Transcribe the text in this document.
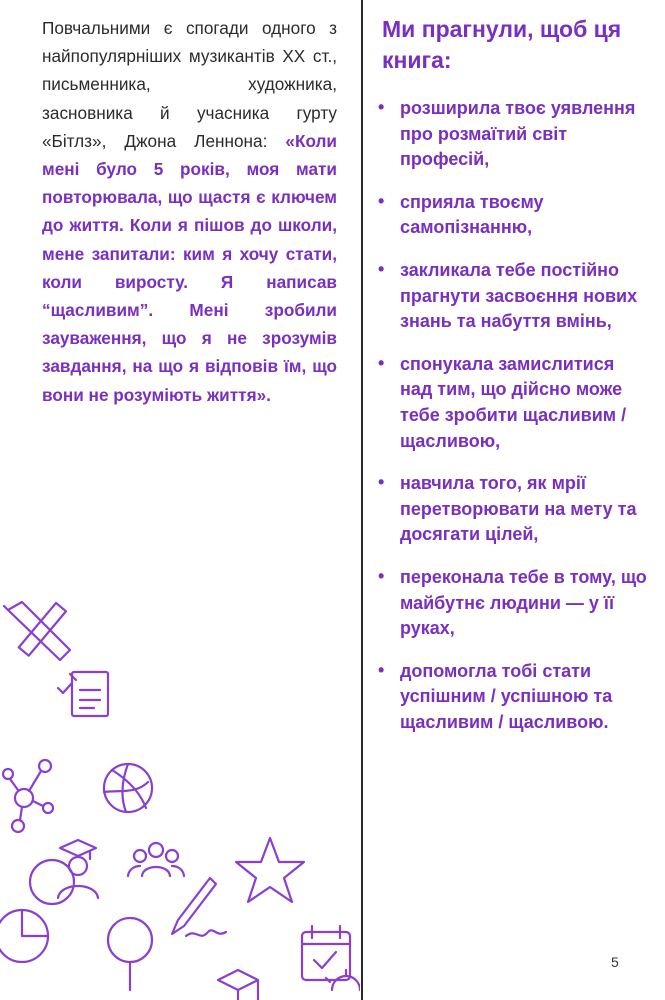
Повчальними є спогади одного з найпопулярніших музикантів XX ст., письменника, художника, засновника й учасника гурту «Бітлз», Джона Леннона: «Коли мені було 5 років, моя мати повторювала, що щастя є ключем до життя. Коли я пішов до школи, мене запитали: ким я хочу стати, коли виросту. Я написав “щасливим”. Мені зробили зауваження, що я не зрозумів завдання, на що я відповів їм, що вони не розуміють життя».
Ми прагнули, щоб ця книга:
• розширила твоє уявлення про розмаїтий світ професій,
• сприяла твоєму самопізнанню,
• закликала тебе постійно прагнути засвоєння нових знань та набуття вмінь,
• спонукала замислитися над тим, що дійсно може тебе зробити щасливим / щасливою,
• навчила того, як мрії перетворювати на мету та досягати цілей,
• переконала тебе в тому, що майбутнє людини — у її руках,
• допомогла тобі стати успішним / успішною та щасливим / щасливою.
5
